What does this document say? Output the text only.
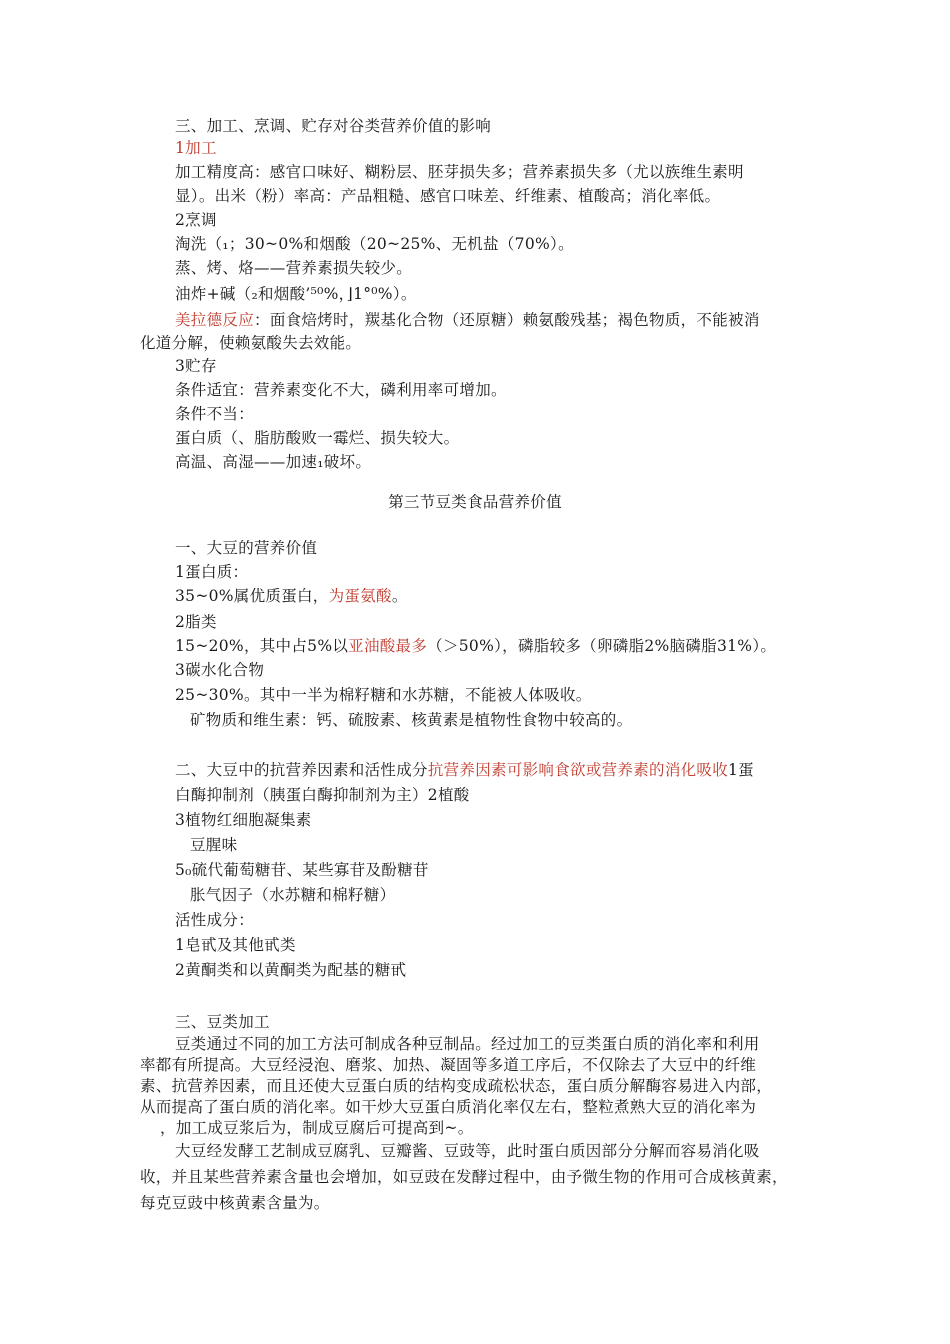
三、加工、烹调、贮存对谷类营养价值的影响
1加工
加工精度高：感官口味好、糊粉层、胚芽损失多；营养素损失多（尤以族维生素明
显）。出米（粉）率高：产品粗糙、感官口味差、纤维素、植酸高；消化率低。
2烹调
淘洗（₁；30~0%和烟酸（20~25%、无机盐（70%）。
蒸、烤、烙——营养素损失较少。
油炸+碱（₂和烟酸’⁵⁰%，⌋1°⁰%）。
美拉德反应：面食焙烤时，羰基化合物（还原糖）赖氨酸残基；褐色物质，不能被消
化道分解，使赖氨酸失去效能。
3贮存
条件适宜：营养素变化不大，磷利用率可增加。
条件不当：
蛋白质（、脂肪酸败一霉烂、损失较大。
高温、高湿——加速₁破坏。
第三节豆类食品营养价值
一、大豆的营养价值
1蛋白质：
35~0%属优质蛋白，为蛋氨酸。
2脂类
15~20%，其中占5%以亚油酸最多（＞50%），磷脂较多（卵磷脂2%脑磷脂31%）。
3碳水化合物
25~30%。其中一半为棉籽糖和水苏糖，不能被人体吸收。
矿物质和维生素：钙、硫胺素、核黄素是植物性食物中较高的。
二、大豆中的抗营养因素和活性成分抗营养因素可影响食欲或营养素的消化吸收1蛋
白酶抑制剂（胰蛋白酶抑制剂为主）2植酸
3植物红细胞凝集素
豆腥味
5₀硫代葡萄糖苷、某些寡苷及酚糖苷
胀气因子（水苏糖和棉籽糖）
活性成分：
1皂甙及其他甙类
2黄酮类和以黄酮类为配基的糖甙
三、豆类加工
豆类通过不同的加工方法可制成各种豆制品。经过加工的豆类蛋白质的消化率和利用
率都有所提高。大豆经浸泡、磨浆、加热、凝固等多道工序后，不仅除去了大豆中的纤维
素、抗营养因素，而且还使大豆蛋白质的结构变成疏松状态，蛋白质分解酶容易进入内部，
从而提高了蛋白质的消化率。如干炒大豆蛋白质消化率仅左右，整粒煮熟大豆的消化率为
，加工成豆浆后为，制成豆腐后可提高到~。
大豆经发酵工艺制成豆腐乳、豆瓣酱、豆豉等，此时蛋白质因部分分解而容易消化吸
收，并且某些营养素含量也会增加，如豆豉在发酵过程中，由予微生物的作用可合成核黄素，
每克豆豉中核黄素含量为。
